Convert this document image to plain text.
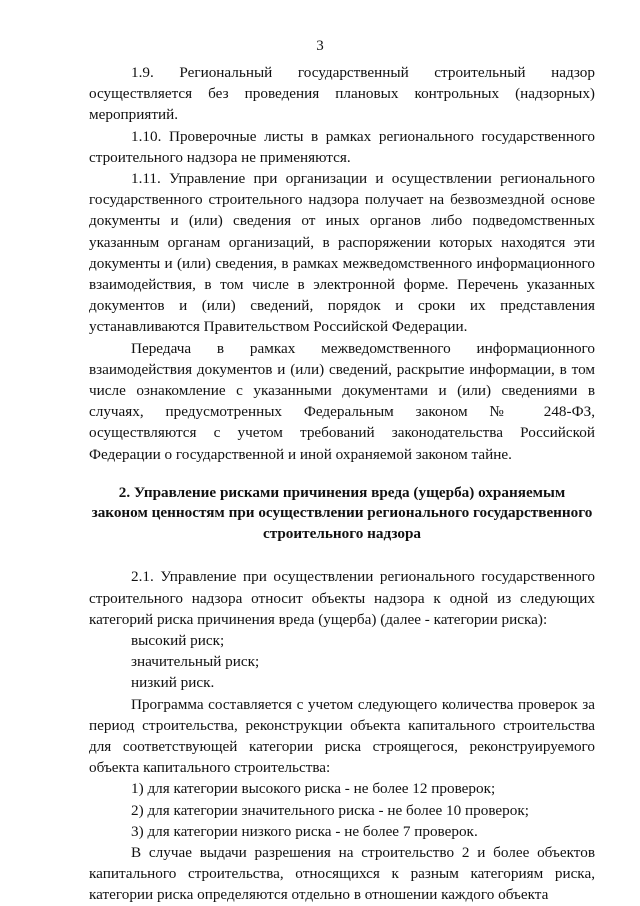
3

1.9. Региональный государственный строительный надзор осуществляется без проведения плановых контрольных (надзорных) мероприятий.

1.10. Проверочные листы в рамках регионального государственного строительного надзора не применяются.

1.11. Управление при организации и осуществлении регионального государственного строительного надзора получает на безвозмездной основе документы и (или) сведения от иных органов либо подведомственных указанным органам организаций, в распоряжении которых находятся эти документы и (или) сведения, в рамках межведомственного информационного взаимодействия, в том числе в электронной форме. Перечень указанных документов и (или) сведений, порядок и сроки их представления устанавливаются Правительством Российской Федерации.

Передача в рамках межведомственного информационного взаимодействия документов и (или) сведений, раскрытие информации, в том числе ознакомление с указанными документами и (или) сведениями в случаях, предусмотренных Федеральным законом № 248-ФЗ, осуществляются с учетом требований законодательства Российской Федерации о государственной и иной охраняемой законом тайне.

2. Управление рисками причинения вреда (ущерба) охраняемым законом ценностям при осуществлении регионального государственного строительного надзора

2.1. Управление при осуществлении регионального государственного строительного надзора относит объекты надзора к одной из следующих категорий риска причинения вреда (ущерба) (далее - категории риска):

высокий риск;

значительный риск;

низкий риск.

Программа составляется с учетом следующего количества проверок за период строительства, реконструкции объекта капитального строительства для соответствующей категории риска строящегося, реконструируемого объекта капитального строительства:

1) для категории высокого риска - не более 12 проверок;

2) для категории значительного риска - не более 10 проверок;

3) для категории низкого риска - не более 7 проверок.

В случае выдачи разрешения на строительство 2 и более объектов капитального строительства, относящихся к разным категориям риска, категории риска определяются отдельно в отношении каждого объекта
